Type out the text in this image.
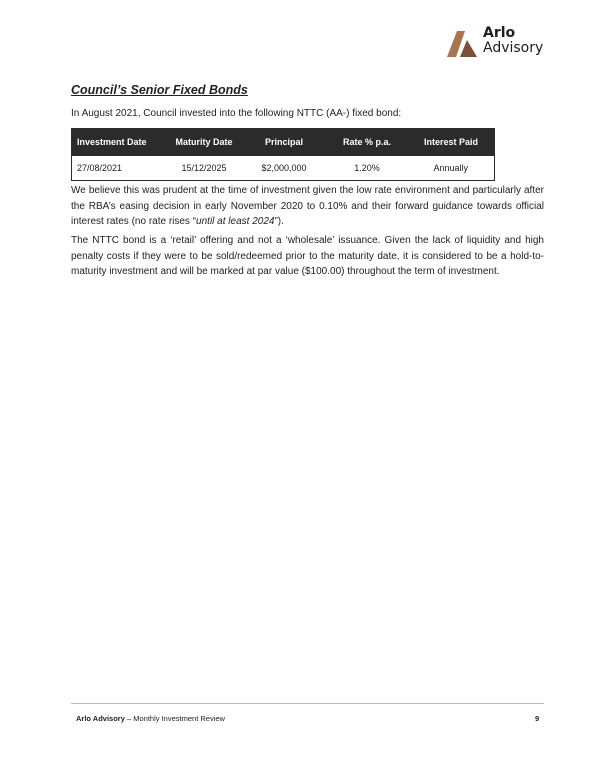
Arlo
Advisory
Council’s Senior Fixed Bonds
In August 2021, Council invested into the following NTTC (AA-) fixed bond:
Investment Date	Maturity Date	Principal	Rate % p.a.	Interest Paid
27/08/2021	15/12/2025	$2,000,000	1.20%	Annually
We believe this was prudent at the time of investment given the low rate environment and particularly after the RBA’s easing decision in early November 2020 to 0.10% and their forward guidance towards official interest rates (no rate rises “until at least 2024”).
The NTTC bond is a ‘retail’ offering and not a ‘wholesale’ issuance. Given the lack of liquidity and high penalty costs if they were to be sold/redeemed prior to the maturity date, it is considered to be a hold-to-maturity investment and will be marked at par value ($100.00) throughout the term of investment.
Arlo Advisory – Monthly Investment Review	9
